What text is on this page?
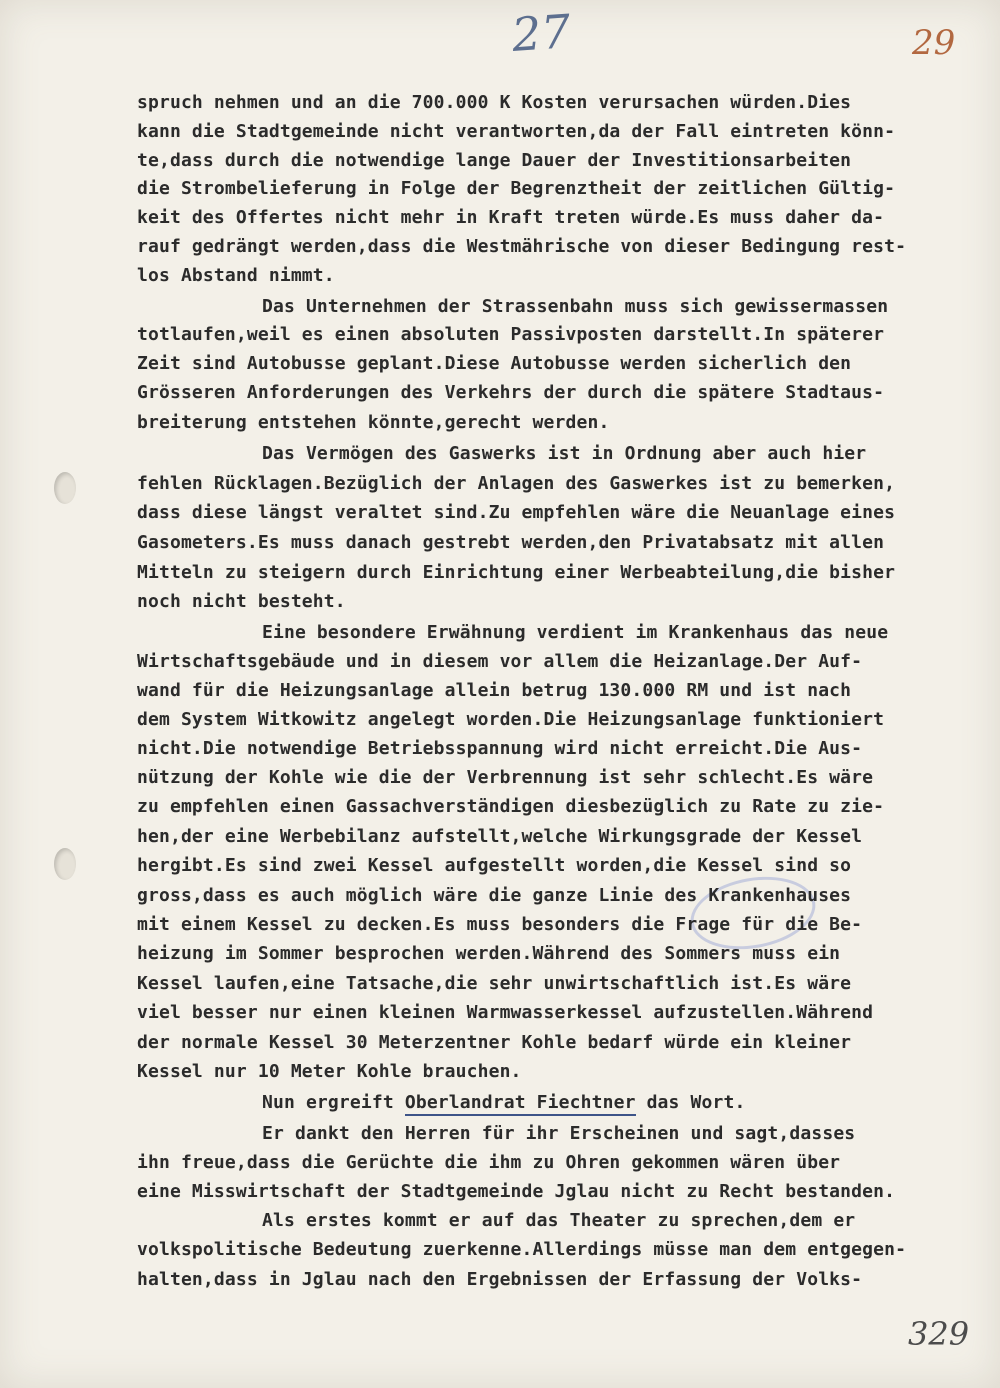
27	29
spruch nehmen und an die 700.000 K Kosten verursachen würden.Dies
kann die Stadtgemeinde nicht verantworten,da der Fall eintreten könn-
te,dass durch die notwendige lange Dauer der Investitionsarbeiten
die Strombelieferung in Folge der Begrenztheit der zeitlichen Gültig-
keit des Offertes nicht mehr in Kraft treten würde.Es muss daher da-
rauf gedrängt werden,dass die Westmährische von dieser Bedingung rest-
los Abstand nimmt.
Das Unternehmen der Strassenbahn muss sich gewissermassen
totlaufen,weil es einen absoluten Passivposten darstellt.In späterer
Zeit sind Autobusse geplant.Diese Autobusse werden sicherlich den
Grösseren Anforderungen des Verkehrs der durch die spätere Stadtaus-
breiterung entstehen könnte,gerecht werden.
Das Vermögen des Gaswerks ist in Ordnung aber auch hier
fehlen Rücklagen.Bezüglich der Anlagen des Gaswerkes ist zu bemerken,
dass diese längst veraltet sind.Zu empfehlen wäre die Neuanlage eines
Gasometers.Es muss danach gestrebt werden,den Privatabsatz mit allen
Mitteln zu steigern durch Einrichtung einer Werbeabteilung,die bisher
noch nicht besteht.
Eine besondere Erwähnung verdient im Krankenhaus das neue
Wirtschaftsgebäude und in diesem vor allem die Heizanlage.Der Auf-
wand für die Heizungsanlage allein betrug 130.000 RM und ist nach
dem System Witkowitz angelegt worden.Die Heizungsanlage funktioniert
nicht.Die notwendige Betriebsspannung wird nicht erreicht.Die Aus-
nützung der Kohle wie die der Verbrennung ist sehr schlecht.Es wäre
zu empfehlen einen Gassachverständigen diesbezüglich zu Rate zu zie-
hen,der eine Werbebilanz aufstellt,welche Wirkungsgrade der Kessel
hergibt.Es sind zwei Kessel aufgestellt worden,die Kessel sind so
gross,dass es auch möglich wäre die ganze Linie des Krankenhauses
mit einem Kessel zu decken.Es muss besonders die Frage für die Be-
heizung im Sommer besprochen werden.Während des Sommers muss ein
Kessel laufen,eine Tatsache,die sehr unwirtschaftlich ist.Es wäre
viel besser nur einen kleinen Warmwasserkessel aufzustellen.Während
der normale Kessel 30 Meterzentner Kohle bedarf würde ein kleiner
Kessel nur 10 Meter Kohle brauchen.
Nun ergreift Oberlandrat Fiechtner das Wort.
Er dankt den Herren für ihr Erscheinen und sagt,dasses
ihn freue,dass die Gerüchte die ihm zu Ohren gekommen wären über
eine Misswirtschaft der Stadtgemeinde Jglau nicht zu Recht bestanden.
Als erstes kommt er auf das Theater zu sprechen,dem er
volkspolitische Bedeutung zuerkenne.Allerdings müsse man dem entgegen-
halten,dass in Jglau nach den Ergebnissen der Erfassung der Volks-
329
